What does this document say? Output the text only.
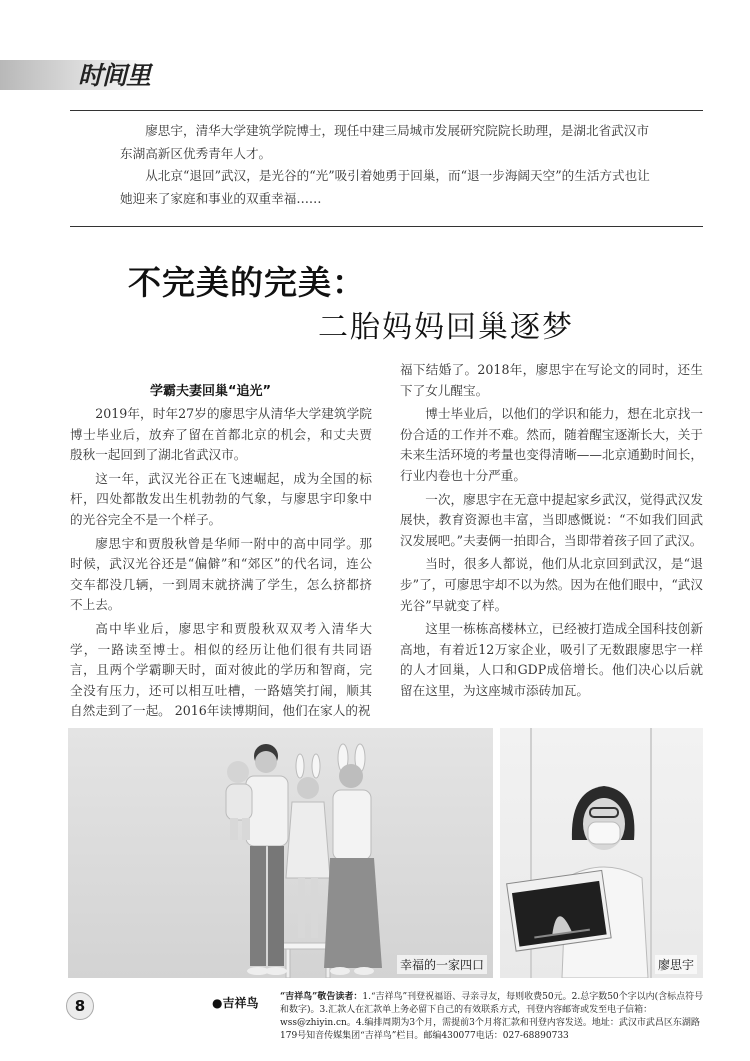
时间里

廖思宇，清华大学建筑学院博士，现任中建三局城市发展研究院院长助理，是湖北省武汉市东湖高新区优秀青年人才。

从北京“退回”武汉，是光谷的“光”吸引着她勇于回巢，而“退一步海阔天空”的生活方式也让她迎来了家庭和事业的双重幸福……

不完美的完美：
二胎妈妈回巢逐梦
学霸夫妻回巢“追光”

2019年，时年27岁的廖思宇从清华大学建筑学院博士毕业后，放弃了留在首都北京的机会，和丈夫贾殷秋一起回到了湖北省武汉市。

这一年，武汉光谷正在飞速崛起，成为全国的标杆，四处都散发出生机勃勃的气象，与廖思宇印象中的光谷完全不是一个样子。

廖思宇和贾殷秋曾是华师一附中的高中同学。那时候，武汉光谷还是“偏僻”和“郊区”的代名词，连公交车都没几辆，一到周末就挤满了学生，怎么挤都挤不上去。

高中毕业后，廖思宇和贾殷秋双双考入清华大学，一路读至博士。相似的经历让他们很有共同语言，且两个学霸聊天时，面对彼此的学历和智商，完全没有压力，还可以相互吐槽，一路嬉笑打闹，顺其自然走到了一起。 2016年读博期间，他们在家人的祝

福下结婚了。2018年，廖思宇在写论文的同时，还生下了女儿醒宝。

博士毕业后，以他们的学识和能力，想在北京找一份合适的工作并不难。然而，随着醒宝逐渐长大，关于未来生活环境的考量也变得清晰——北京通勤时间长，行业内卷也十分严重。

一次，廖思宇在无意中提起家乡武汉，觉得武汉发展快，教育资源也丰富，当即感慨说：“不如我们回武汉发展吧。”夫妻俩一拍即合，当即带着孩子回了武汉。

当时，很多人都说，他们从北京回到武汉，是“退步”了，可廖思宇却不以为然。因为在他们眼中，“武汉光谷”早就变了样。

这里一栋栋高楼林立，已经被打造成全国科技创新高地，有着近12万家企业，吸引了无数跟廖思宇一样的人才回巢，人口和GDP成倍增长。他们决心以后就留在这里，为这座城市添砖加瓦。

幸福的一家四口	廖思宇
8	●吉祥鸟 “吉祥鸟”敬告读者：1.“吉祥鸟”刊登祝福语、寻亲寻友，每则收费50元。2.总字数50个字以内(含标点符号和数字)。3.汇款人在汇款单上务必留下自己的有效联系方式，刊登内容邮寄或发至电子信箱：wss@zhiyin.cn。4.编排周期为3个月，需提前3个月将汇款和刊登内容发送。地址：武汉市武昌区东湖路179号知音传媒集团“吉祥鸟”栏目。邮编430077电话：027-68890733
